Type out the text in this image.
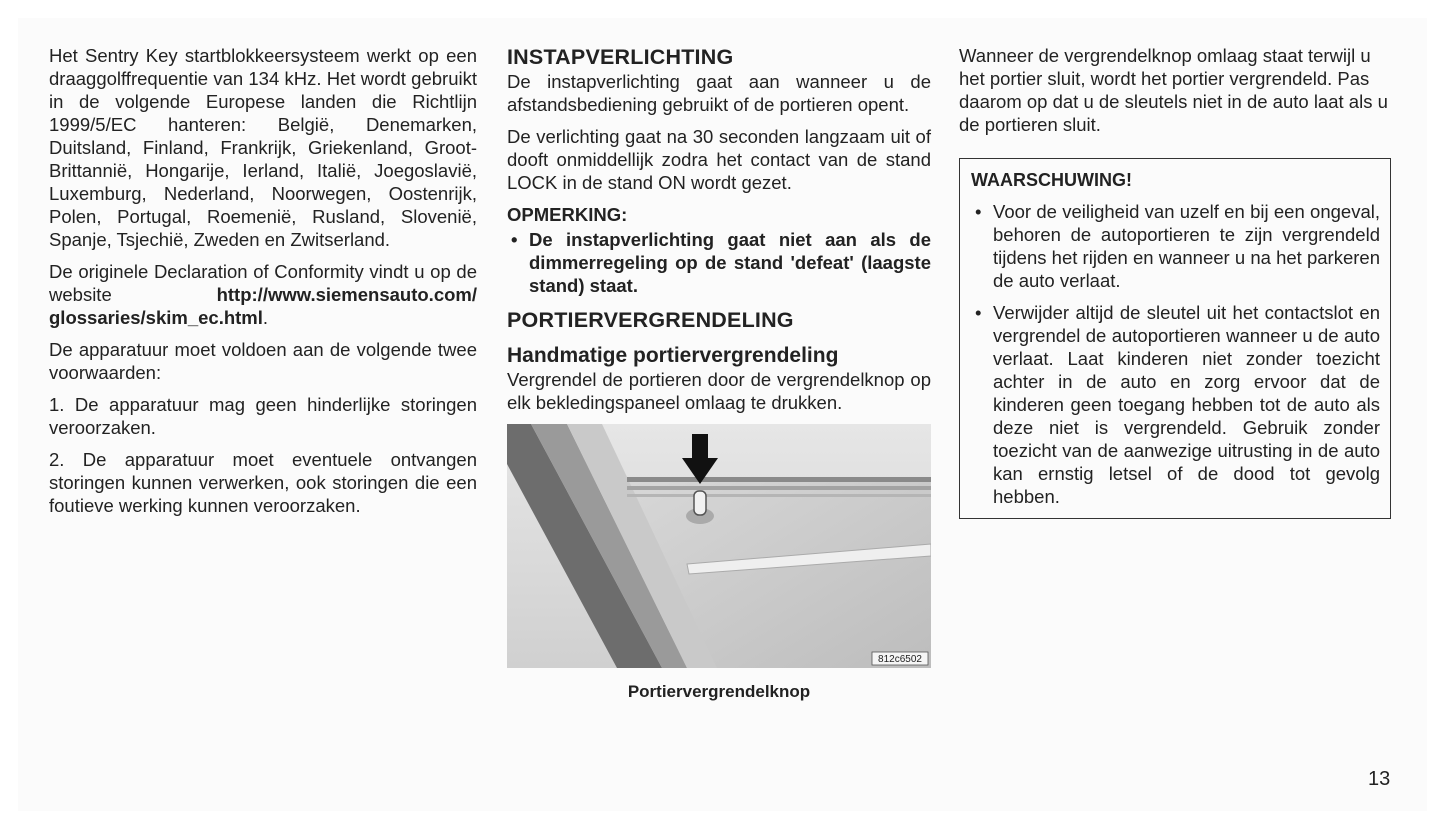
Het Sentry Key startblokkeersysteem werkt op een draaggolffrequentie van 134 kHz. Het wordt gebruikt in de volgende Europese landen die Richtlijn 1999/5/EC hanteren: België, Denemarken, Duitsland, Finland, Frankrijk, Griekenland, Groot-Brittannië, Hongarije, Ierland, Italië, Joegoslavië, Luxemburg, Nederland, Noorwegen, Oostenrijk, Polen, Portugal, Roemenië, Rusland, Slovenië, Spanje, Tsjechië, Zweden en Zwitserland.

De originele Declaration of Conformity vindt u op de website http://www.siemensauto.com/ glossaries/skim_ec.html.

De apparatuur moet voldoen aan de volgende twee voorwaarden:

1. De apparatuur mag geen hinderlijke storingen veroorzaken.

2. De apparatuur moet eventuele ontvangen storingen kunnen verwerken, ook storingen die een foutieve werking kunnen veroorzaken.

INSTAPVERLICHTING

De instapverlichting gaat aan wanneer u de afstandsbediening gebruikt of de portieren opent.

De verlichting gaat na 30 seconden langzaam uit of dooft onmiddellijk zodra het contact van de stand LOCK in de stand ON wordt gezet.

OPMERKING:
• De instapverlichting gaat niet aan als de dimmerregeling op de stand 'defeat' (laagste stand) staat.
PORTIERVERGRENDELING
Handmatige portiervergrendeling

Vergrendel de portieren door de vergrendelknop op elk bekledingspaneel omlaag te drukken.

812c6502
Portiervergrendelknop

Wanneer de vergrendelknop omlaag staat terwijl u het portier sluit, wordt het portier vergrendeld. Pas daarom op dat u de sleutels niet in de auto laat als u de portieren sluit.

WAARSCHUWING!
• Voor de veiligheid van uzelf en bij een ongeval, behoren de autoportieren te zijn vergrendeld tijdens het rijden en wanneer u na het parkeren de auto verlaat.
• Verwijder altijd de sleutel uit het contactslot en vergrendel de autoportieren wanneer u de auto verlaat. Laat kinderen niet zonder toezicht achter in de auto en zorg ervoor dat de kinderen geen toegang hebben tot de auto als deze niet is vergrendeld. Gebruik zonder toezicht van de aanwezige uitrusting in de auto kan ernstig letsel of de dood tot gevolg hebben.
13
